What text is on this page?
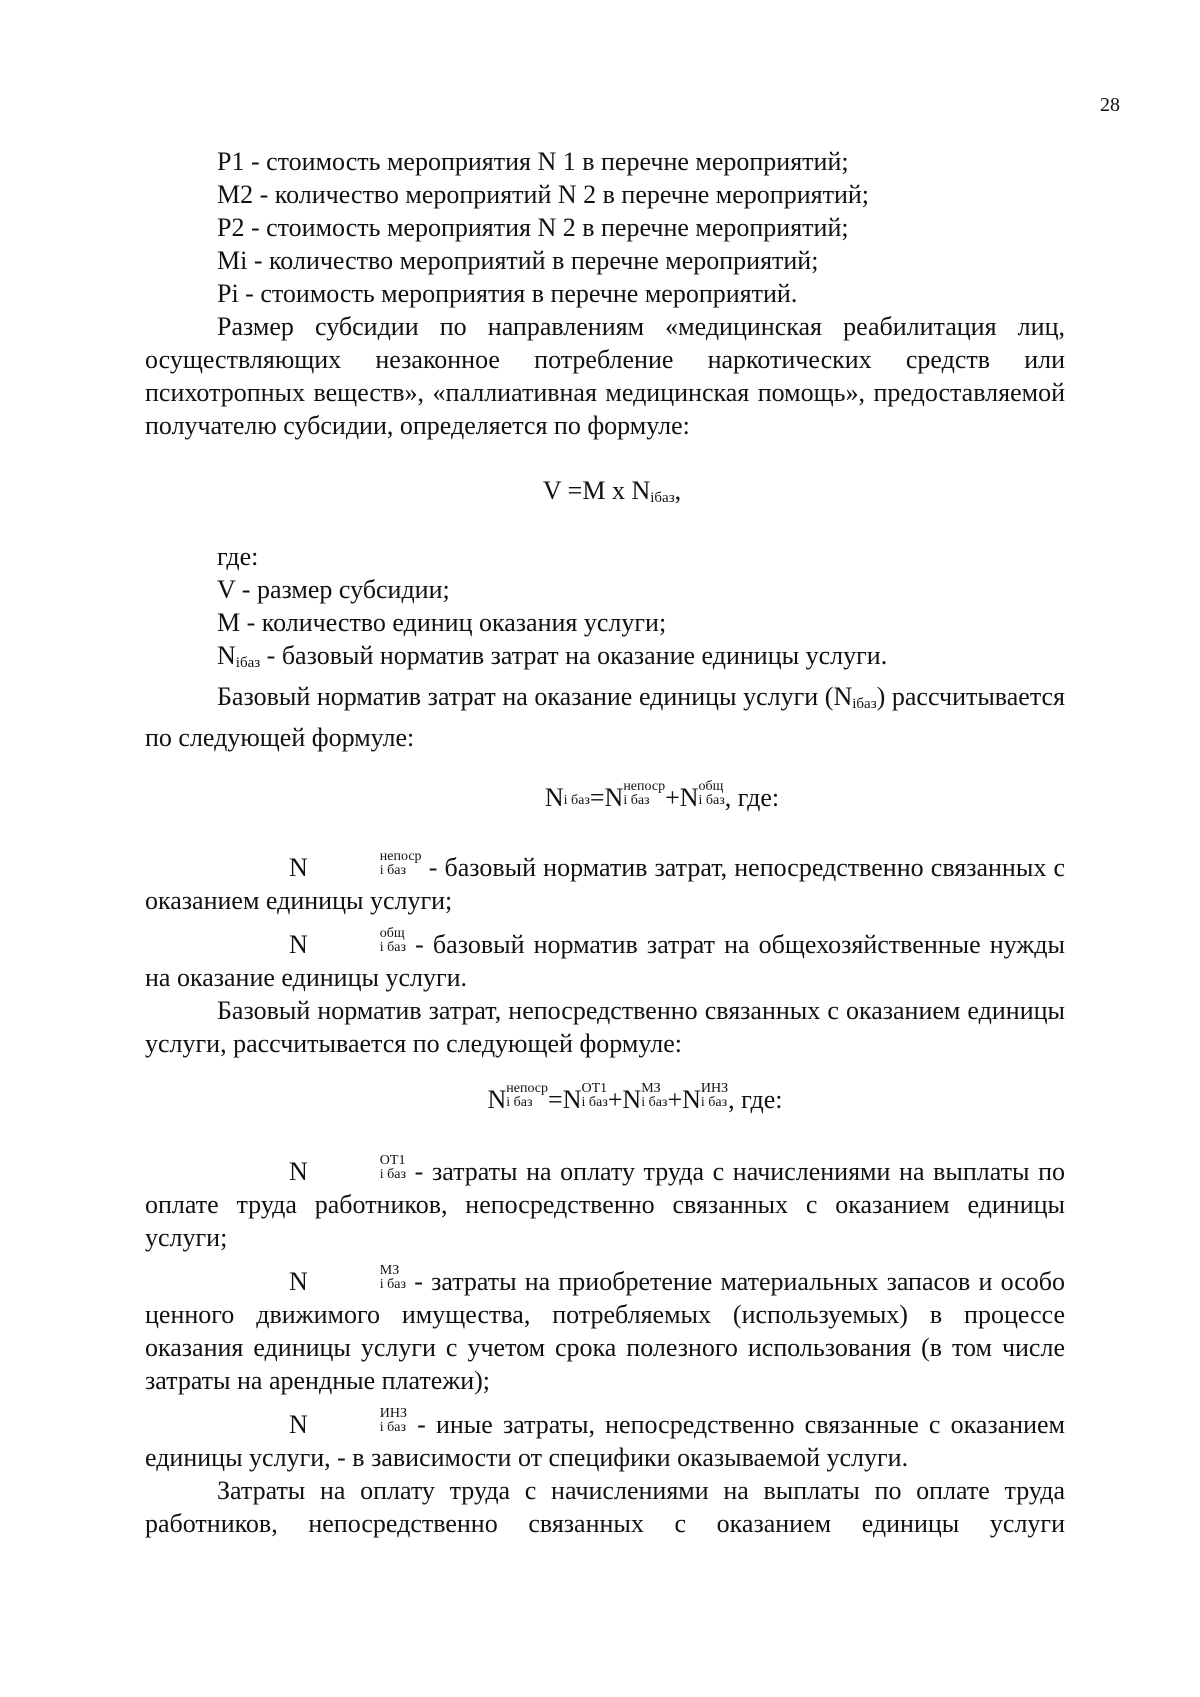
28

P1 - стоимость мероприятия N 1 в перечне мероприятий;

M2 - количество мероприятий N 2 в перечне мероприятий;

P2 - стоимость мероприятия N 2 в перечне мероприятий;

Mi - количество мероприятий в перечне мероприятий;

Pi - стоимость мероприятия в перечне мероприятий.

Размер субсидии по направлениям «медицинская реабилитация лиц, осуществляющих незаконное потребление наркотических средств или психотропных веществ», «паллиативная медицинская помощь», предоставляемой получателю субсидии, определяется по формуле:

V =M x Niбаз,

где:

V - размер субсидии;

M - количество единиц оказания услуги;

Niбаз - базовый норматив затрат на оказание единицы услуги.

Базовый норматив затрат на оказание единицы услуги (Niбаз) рассчитывается по следующей формуле:

N
i баз =N непоср
i баз +N общ
i баз , где:

N	непоср
i баз - базовый норматив затрат, непосредственно связанных с оказанием единицы услуги;

N	общ
i баз - базовый норматив затрат на общехозяйственные нужды на оказание единицы услуги.

Базовый норматив затрат, непосредственно связанных с оказанием единицы услуги, рассчитывается по следующей формуле:

N непоср
i баз =N ОТ1
i баз +N МЗ
i баз +N ИНЗ
i баз , где:

N	ОТ1
i баз - затраты на оплату труда с начислениями на выплаты по оплате труда работников, непосредственно связанных с оказанием единицы услуги;

N	МЗ
i баз - затраты на приобретение материальных запасов и особо ценного движимого имущества, потребляемых (используемых) в процессе оказания единицы услуги с учетом срока полезного использования (в том числе затраты на арендные платежи);

N	ИНЗ
i баз - иные затраты, непосредственно связанные с оказанием единицы услуги, - в зависимости от специфики оказываемой услуги.

Затраты на оплату труда с начислениями на выплаты по оплате труда работников, непосредственно связанных с оказанием единицы услуги
